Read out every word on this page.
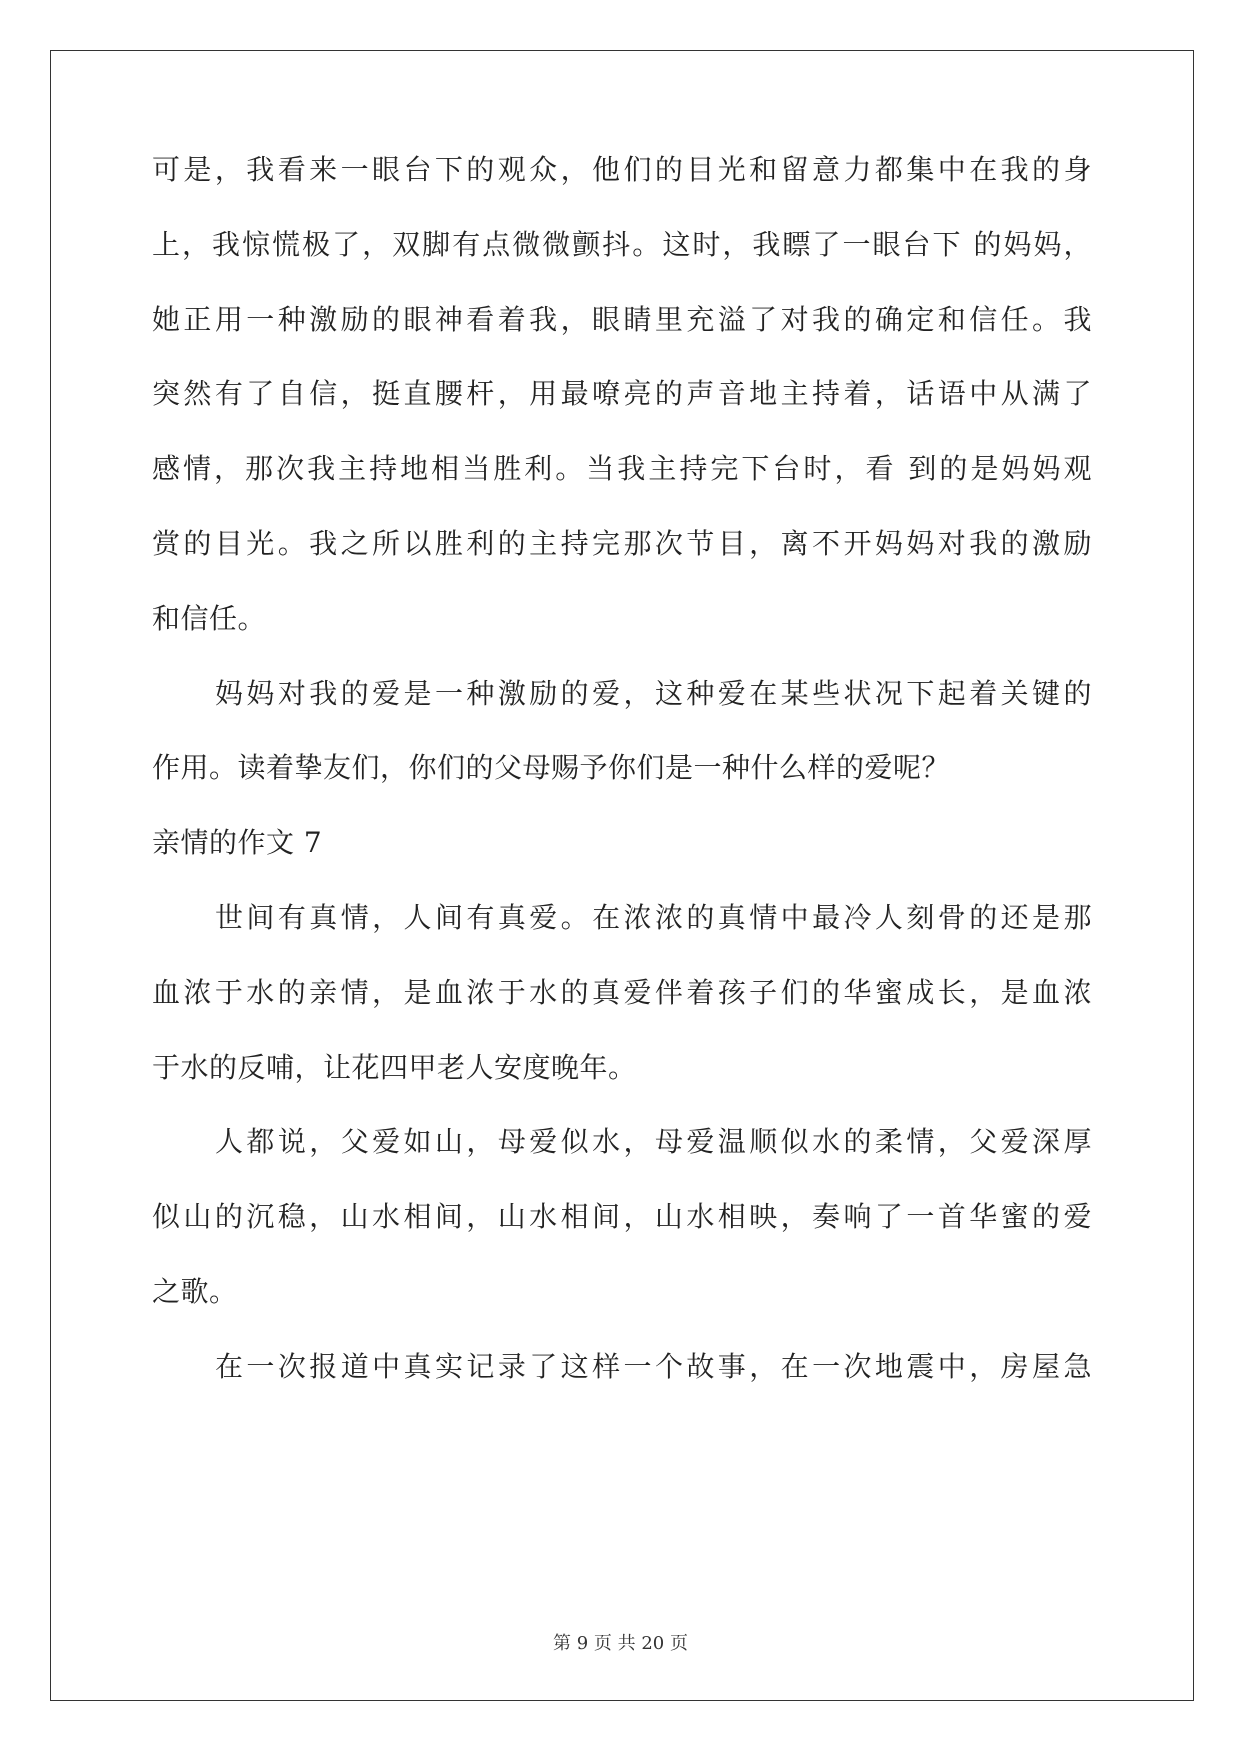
可是，我看来一眼台下的观众，他们的目光和留意力都集中在我的身
上，我惊慌极了，双脚有点微微颤抖。这时，我瞟了一眼台下 的妈妈，
她正用一种激励的眼神看着我，眼睛里充溢了对我的确定和信任。我
突然有了自信，挺直腰杆，用最嘹亮的声音地主持着，话语中从满了
感情，那次我主持地相当胜利。当我主持完下台时，看 到的是妈妈观
赏的目光。我之所以胜利的主持完那次节目，离不开妈妈对我的激励
和信任。
妈妈对我的爱是一种激励的爱，这种爱在某些状况下起着关键的
作用。读着挚友们，你们的父母赐予你们是一种什么样的爱呢？
亲情的作文 7
世间有真情，人间有真爱。在浓浓的真情中最冷人刻骨的还是那
血浓于水的亲情，是血浓于水的真爱伴着孩子们的华蜜成长，是血浓
于水的反哺，让花四甲老人安度晚年。
人都说，父爱如山，母爱似水，母爱温顺似水的柔情，父爱深厚
似山的沉稳，山水相间，山水相间，山水相映，奏响了一首华蜜的爱
之歌。
在一次报道中真实记录了这样一个故事，在一次地震中，房屋急
第 9 页 共 20 页
